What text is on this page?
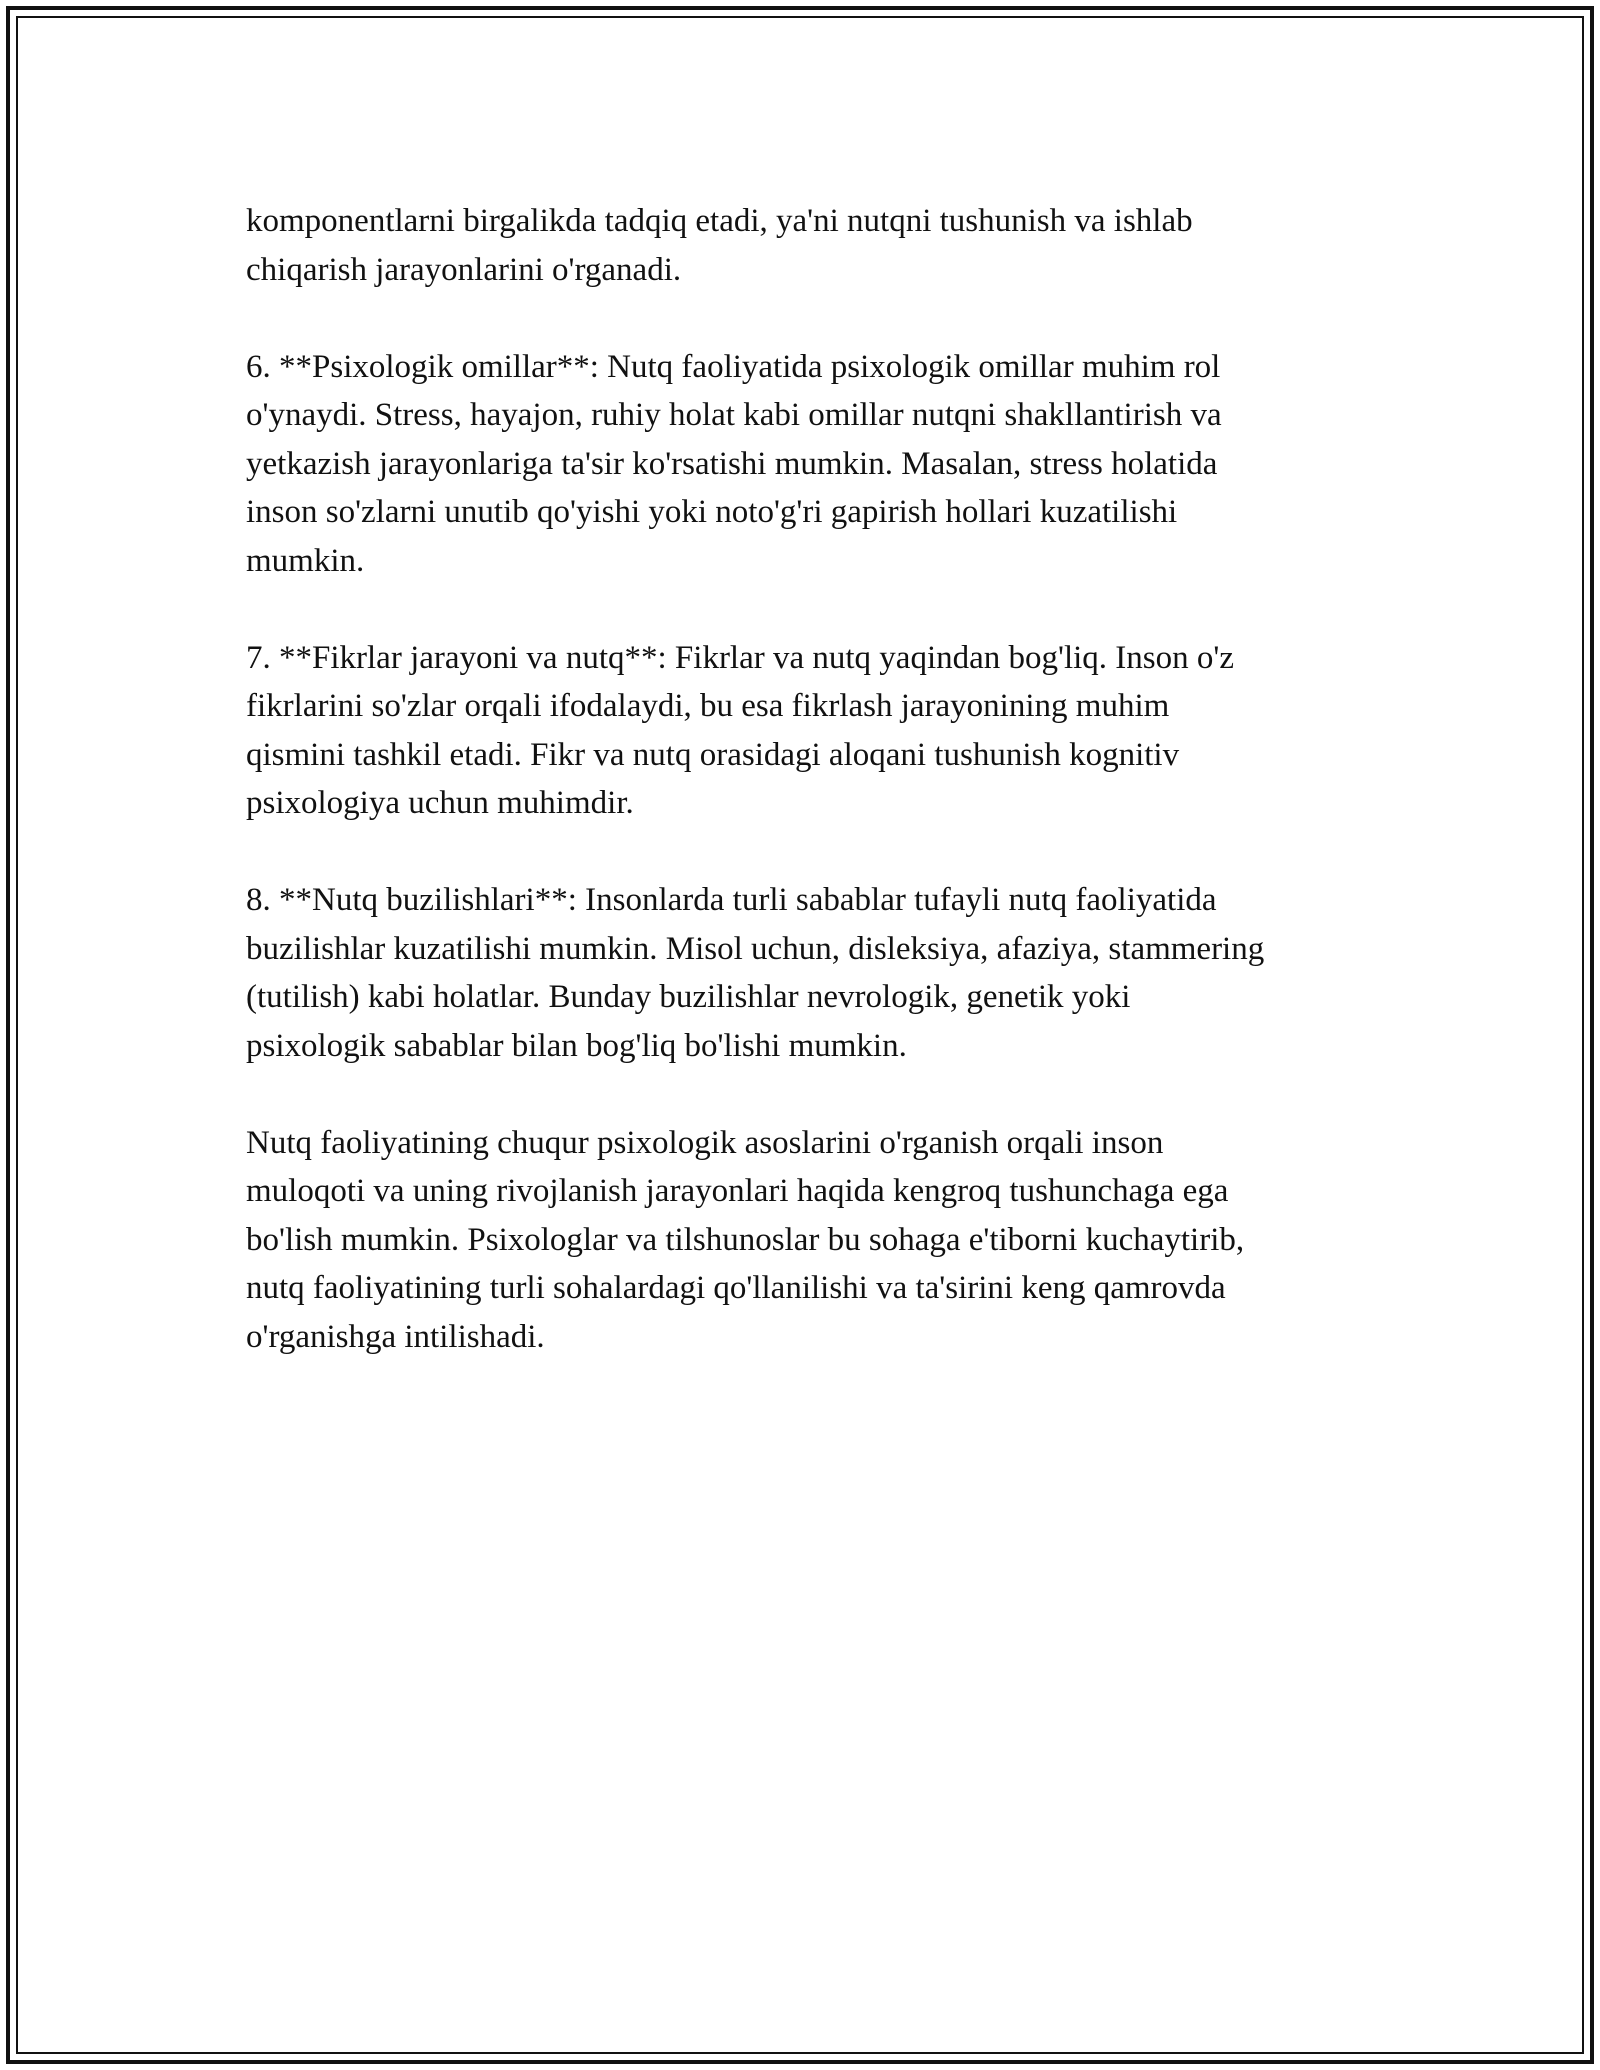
komponentlarni birgalikda tadqiq etadi, ya'ni nutqni tushunish va ishlab
chiqarish jarayonlarini o'rganadi.

6. **Psixologik omillar**: Nutq faoliyatida psixologik omillar muhim rol
o'ynaydi. Stress, hayajon, ruhiy holat kabi omillar nutqni shakllantirish va
yetkazish jarayonlariga ta'sir ko'rsatishi mumkin. Masalan, stress holatida
inson so'zlarni unutib qo'yishi yoki noto'g'ri gapirish hollari kuzatilishi
mumkin.

7. **Fikrlar jarayoni va nutq**: Fikrlar va nutq yaqindan bog'liq. Inson o'z
fikrlarini so'zlar orqali ifodalaydi, bu esa fikrlash jarayonining muhim
qismini tashkil etadi. Fikr va nutq orasidagi aloqani tushunish kognitiv
psixologiya uchun muhimdir.

8. **Nutq buzilishlari**: Insonlarda turli sabablar tufayli nutq faoliyatida
buzilishlar kuzatilishi mumkin. Misol uchun, disleksiya, afaziya, stammering
(tutilish) kabi holatlar. Bunday buzilishlar nevrologik, genetik yoki
psixologik sabablar bilan bog'liq bo'lishi mumkin.

Nutq faoliyatining chuqur psixologik asoslarini o'rganish orqali inson
muloqoti va uning rivojlanish jarayonlari haqida kengroq tushunchaga ega
bo'lish mumkin. Psixologlar va tilshunoslar bu sohaga e'tiborni kuchaytirib,
nutq faoliyatining turli sohalardagi qo'llanilishi va ta'sirini keng qamrovda
o'rganishga intilishadi.
